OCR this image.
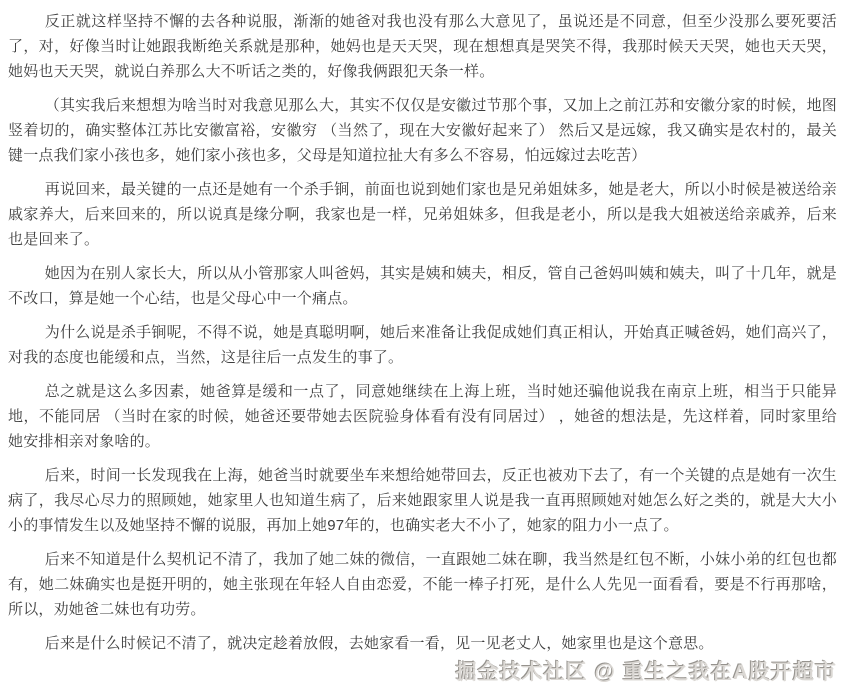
反正就这样坚持不懈的去各种说服，渐渐的她爸对我也没有那么大意见了，虽说还是不同意，但至少没那么要死要活了，对，好像当时让她跟我断绝关系就是那种，她妈也是天天哭，现在想想真是哭笑不得，我那时候天天哭，她也天天哭，她妈也天天哭，就说白养那么大不听话之类的，好像我俩跟犯天条一样。

（其实我后来想想为啥当时对我意见那么大，其实不仅仅是安徽过节那个事，又加上之前江苏和安徽分家的时候，地图竖着切的，确实整体江苏比安徽富裕，安徽穷 （当然了，现在大安徽好起来了） 然后又是远嫁，我又确实是农村的，最关键一点我们家小孩也多，她们家小孩也多，父母是知道拉扯大有多么不容易，怕远嫁过去吃苦）

再说回来，最关键的一点还是她有一个杀手锏，前面也说到她们家也是兄弟姐妹多，她是老大，所以小时候是被送给亲戚家养大，后来回来的，所以说真是缘分啊，我家也是一样，兄弟姐妹多，但我是老小，所以是我大姐被送给亲戚养，后来也是回来了。

她因为在别人家长大，所以从小管那家人叫爸妈，其实是姨和姨夫，相反，管自己爸妈叫姨和姨夫，叫了十几年，就是不改口，算是她一个心结，也是父母心中一个痛点。

为什么说是杀手锏呢，不得不说，她是真聪明啊，她后来准备让我促成她们真正相认，开始真正喊爸妈，她们高兴了，对我的态度也能缓和点，当然，这是往后一点发生的事了。

总之就是这么多因素，她爸算是缓和一点了，同意她继续在上海上班，当时她还骗他说我在南京上班，相当于只能异地，不能同居 （当时在家的时候，她爸还要带她去医院验身体看有没有同居过） ，她爸的想法是，先这样着，同时家里给她安排相亲对象啥的。

后来，时间一长发现我在上海，她爸当时就要坐车来想给她带回去，反正也被劝下去了，有一个关键的点是她有一次生病了，我尽心尽力的照顾她，她家里人也知道生病了，后来她跟家里人说是我一直再照顾她对她怎么好之类的，就是大大小小的事情发生以及她坚持不懈的说服，再加上她97年的，也确实老大不小了，她家的阻力小一点了。

后来不知道是什么契机记不清了，我加了她二妹的微信，一直跟她二妹在聊，我当然是红包不断，小妹小弟的红包也都有，她二妹确实也是挺开明的，她主张现在年轻人自由恋爱，不能一棒子打死，是什么人先见一面看看，要是不行再那啥，所以，劝她爸二妹也有功劳。

后来是什么时候记不清了，就决定趁着放假，去她家看一看，见一见老丈人，她家里也是这个意思。

掘金技术社区 @ 重生之我在A股开超市
